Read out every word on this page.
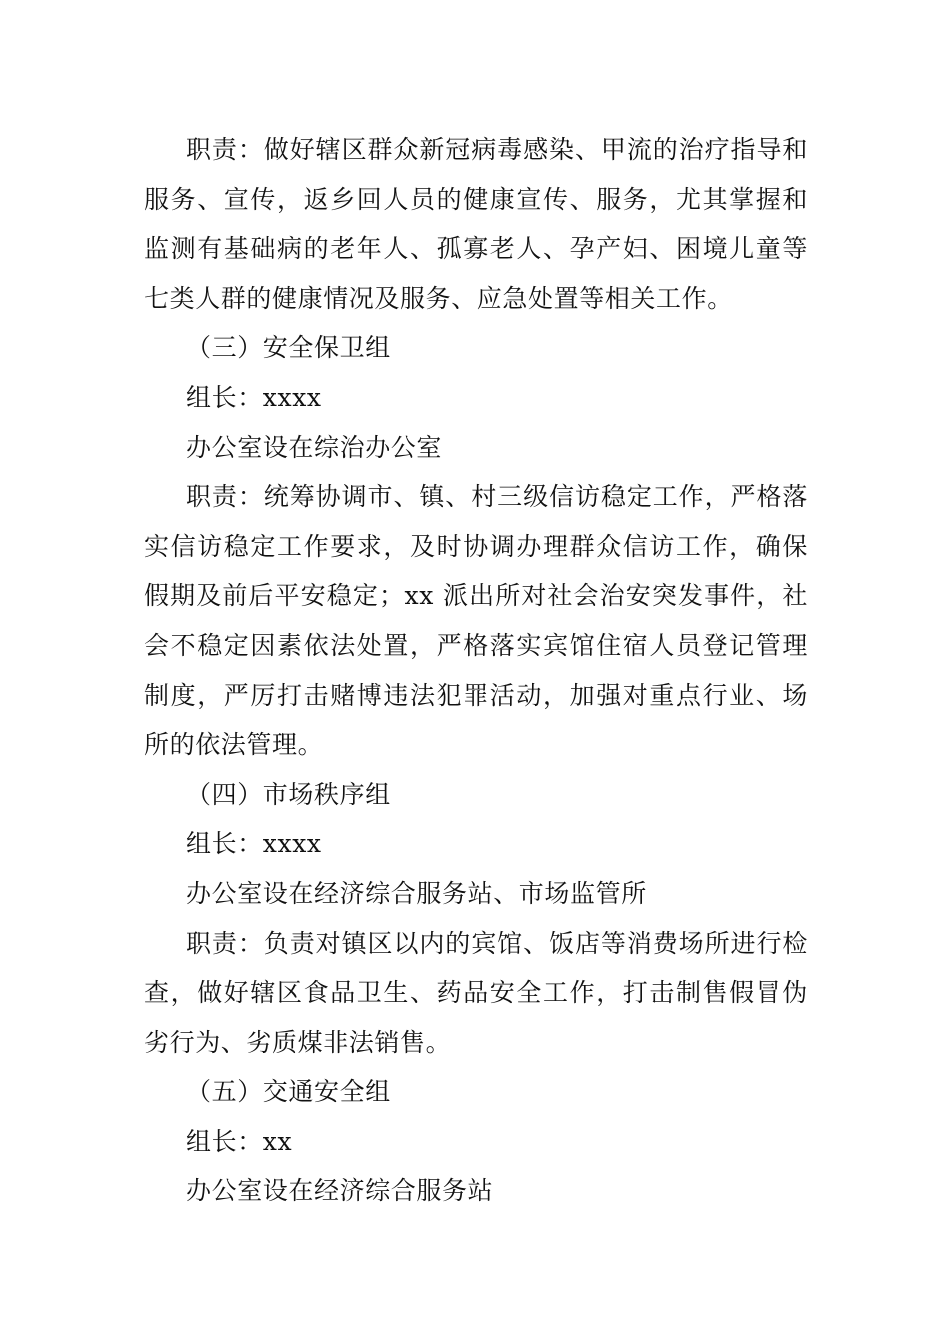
职责：做好辖区群众新冠病毒感染、甲流的治疗指导和服务、宣传，返乡回人员的健康宣传、服务，尤其掌握和监测有基础病的老年人、孤寡老人、孕产妇、困境儿童等七类人群的健康情况及服务、应急处置等相关工作。

（三）安全保卫组

组长：xxxx

办公室设在综治办公室

职责：统筹协调市、镇、村三级信访稳定工作，严格落实信访稳定工作要求，及时协调办理群众信访工作，确保假期及前后平安稳定；xx 派出所对社会治安突发事件，社会不稳定因素依法处置，严格落实宾馆住宿人员登记管理制度，严厉打击赌博违法犯罪活动，加强对重点行业、场所的依法管理。

（四）市场秩序组

组长：xxxx

办公室设在经济综合服务站、市场监管所

职责：负责对镇区以内的宾馆、饭店等消费场所进行检查，做好辖区食品卫生、药品安全工作，打击制售假冒伪劣行为、劣质煤非法销售。

（五）交通安全组

组长：xx

办公室设在经济综合服务站
